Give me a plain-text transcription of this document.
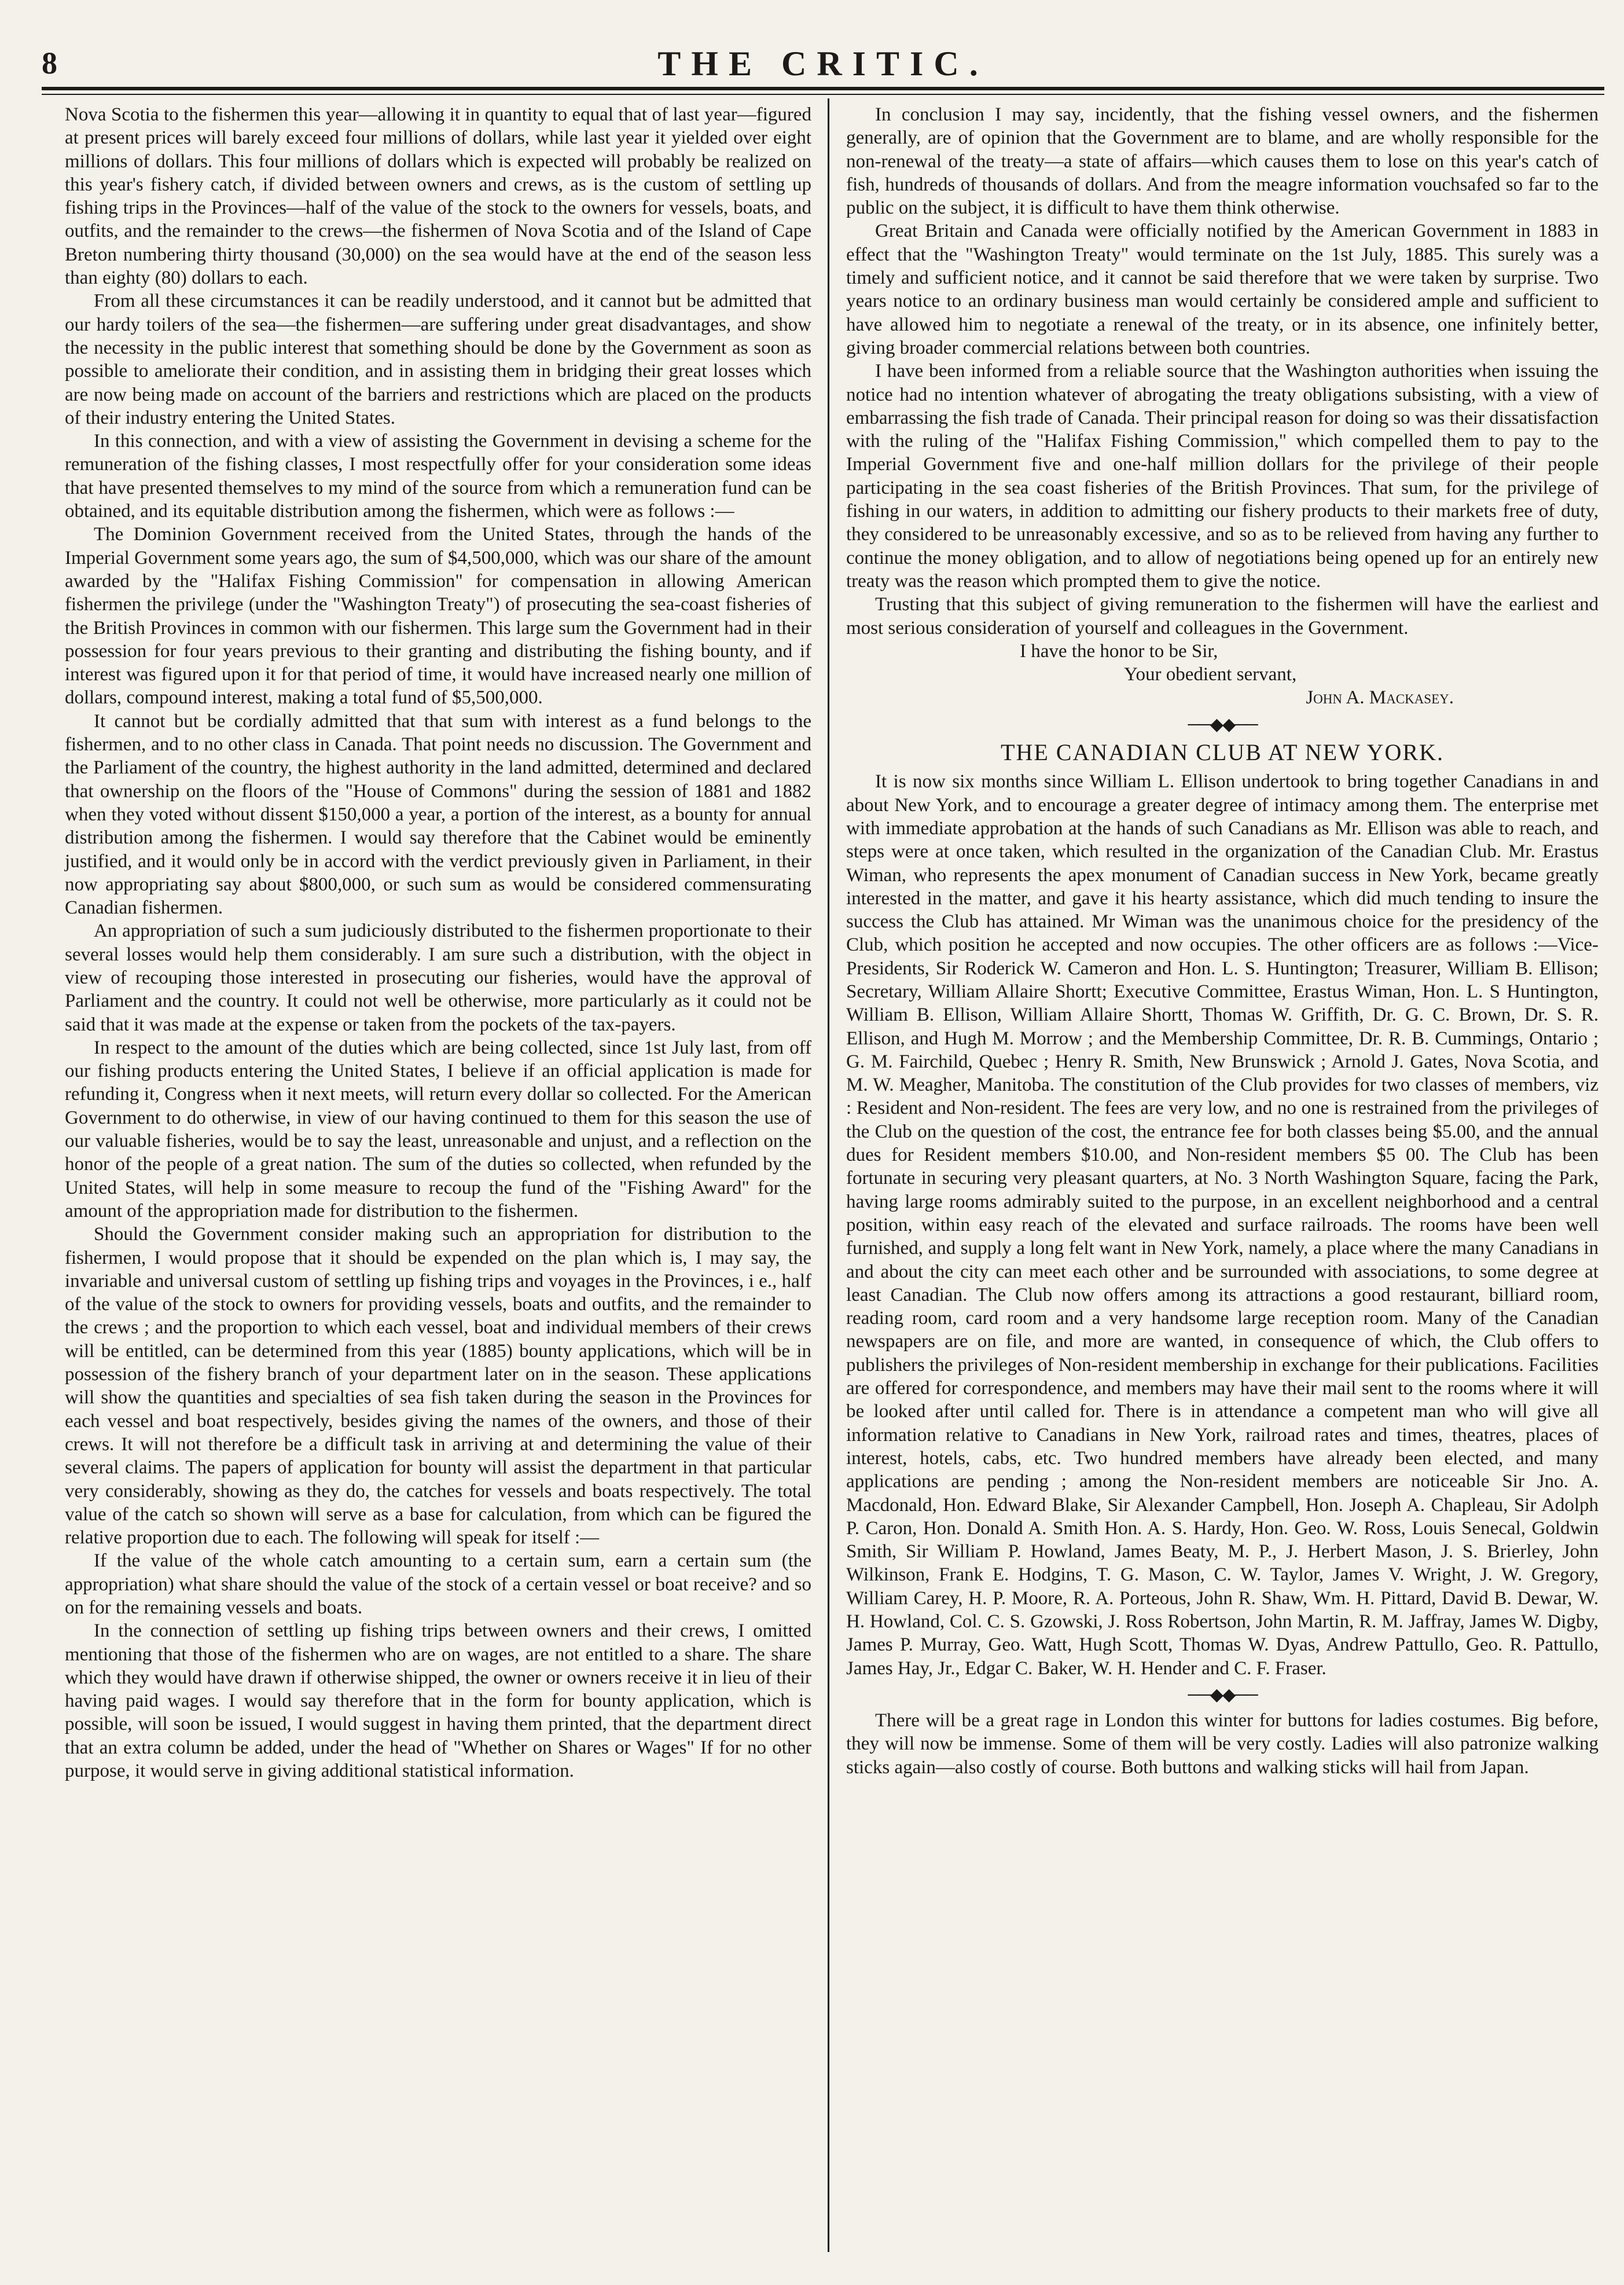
8	THE CRITIC.

Nova Scotia to the fishermen this year—allowing it in quantity to equal that of last year—figured at present prices will barely exceed four millions of dollars, while last year it yielded over eight millions of dollars. This four millions of dollars which is expected will probably be realized on this year's fishery catch, if divided between owners and crews, as is the custom of settling up fishing trips in the Provinces—half of the value of the stock to the owners for vessels, boats, and outfits, and the remainder to the crews—the fishermen of Nova Scotia and of the Island of Cape Breton numbering thirty thousand (30,000) on the sea would have at the end of the season less than eighty (80) dollars to each.

From all these circumstances it can be readily understood, and it cannot but be admitted that our hardy toilers of the sea—the fishermen—are suffering under great disadvantages, and show the necessity in the public interest that something should be done by the Government as soon as possible to ameliorate their condition, and in assisting them in bridging their great losses which are now being made on account of the barriers and restrictions which are placed on the products of their industry entering the United States.

In this connection, and with a view of assisting the Government in devising a scheme for the remuneration of the fishing classes, I most respectfully offer for your consideration some ideas that have presented themselves to my mind of the source from which a remuneration fund can be obtained, and its equitable distribution among the fishermen, which were as follows :—

The Dominion Government received from the United States, through the hands of the Imperial Government some years ago, the sum of $4,500,000, which was our share of the amount awarded by the "Halifax Fishing Commission" for compensation in allowing American fishermen the privilege (under the "Washington Treaty") of prosecuting the sea-coast fisheries of the British Provinces in common with our fishermen. This large sum the Government had in their possession for four years previous to their granting and distributing the fishing bounty, and if interest was figured upon it for that period of time, it would have increased nearly one million of dollars, compound interest, making a total fund of $5,500,000.

It cannot but be cordially admitted that that sum with interest as a fund belongs to the fishermen, and to no other class in Canada. That point needs no discussion. The Government and the Parliament of the country, the highest authority in the land admitted, determined and declared that ownership on the floors of the "House of Commons" during the session of 1881 and 1882 when they voted without dissent $150,000 a year, a portion of the interest, as a bounty for annual distribution among the fishermen. I would say therefore that the Cabinet would be eminently justified, and it would only be in accord with the verdict previously given in Parliament, in their now appropriating say about $800,000, or such sum as would be considered commensurating Canadian fishermen.

An appropriation of such a sum judiciously distributed to the fishermen proportionate to their several losses would help them considerably. I am sure such a distribution, with the object in view of recouping those interested in prosecuting our fisheries, would have the approval of Parliament and the country. It could not well be otherwise, more particularly as it could not be said that it was made at the expense or taken from the pockets of the tax-payers.

In respect to the amount of the duties which are being collected, since 1st July last, from off our fishing products entering the United States, I believe if an official application is made for refunding it, Congress when it next meets, will return every dollar so collected. For the American Government to do otherwise, in view of our having continued to them for this season the use of our valuable fisheries, would be to say the least, unreasonable and unjust, and a reflection on the honor of the people of a great nation. The sum of the duties so collected, when refunded by the United States, will help in some measure to recoup the fund of the "Fishing Award" for the amount of the appropriation made for distribution to the fishermen.

Should the Government consider making such an appropriation for distribution to the fishermen, I would propose that it should be expended on the plan which is, I may say, the invariable and universal custom of settling up fishing trips and voyages in the Provinces, i e., half of the value of the stock to owners for providing vessels, boats and outfits, and the remainder to the crews ; and the proportion to which each vessel, boat and individual members of their crews will be entitled, can be determined from this year (1885) bounty applications, which will be in possession of the fishery branch of your department later on in the season. These applications will show the quantities and specialties of sea fish taken during the season in the Provinces for each vessel and boat respectively, besides giving the names of the owners, and those of their crews. It will not therefore be a difficult task in arriving at and determining the value of their several claims. The papers of application for bounty will assist the department in that particular very considerably, showing as they do, the catches for vessels and boats respectively. The total value of the catch so shown will serve as a base for calculation, from which can be figured the relative proportion due to each. The following will speak for itself :—

If the value of the whole catch amounting to a certain sum, earn a certain sum (the appropriation) what share should the value of the stock of a certain vessel or boat receive? and so on for the remaining vessels and boats.

In the connection of settling up fishing trips between owners and their crews, I omitted mentioning that those of the fishermen who are on wages, are not entitled to a share. The share which they would have drawn if otherwise shipped, the owner or owners receive it in lieu of their having paid wages. I would say therefore that in the form for bounty application, which is possible, will soon be issued, I would suggest in having them printed, that the department direct that an extra column be added, under the head of "Whether on Shares or Wages" If for no other purpose, it would serve in giving additional statistical information.

In conclusion I may say, incidently, that the fishing vessel owners, and the fishermen generally, are of opinion that the Government are to blame, and are wholly responsible for the non-renewal of the treaty—a state of affairs—which causes them to lose on this year's catch of fish, hundreds of thousands of dollars. And from the meagre information vouchsafed so far to the public on the subject, it is difficult to have them think otherwise.

Great Britain and Canada were officially notified by the American Government in 1883 in effect that the "Washington Treaty" would terminate on the 1st July, 1885. This surely was a timely and sufficient notice, and it cannot be said therefore that we were taken by surprise. Two years notice to an ordinary business man would certainly be considered ample and sufficient to have allowed him to negotiate a renewal of the treaty, or in its absence, one infinitely better, giving broader commercial relations between both countries.

I have been informed from a reliable source that the Washington authorities when issuing the notice had no intention whatever of abrogating the treaty obligations subsisting, with a view of embarrassing the fish trade of Canada. Their principal reason for doing so was their dissatisfaction with the ruling of the "Halifax Fishing Commission," which compelled them to pay to the Imperial Government five and one-half million dollars for the privilege of their people participating in the sea coast fisheries of the British Provinces. That sum, for the privilege of fishing in our waters, in addition to admitting our fishery products to their markets free of duty, they considered to be unreasonably excessive, and so as to be relieved from having any further to continue the money obligation, and to allow of negotiations being opened up for an entirely new treaty was the reason which prompted them to give the notice.

Trusting that this subject of giving remuneration to the fishermen will have the earliest and most serious consideration of yourself and colleagues in the Government.

I have the honor to be Sir,
Your obedient servant,
John A. Mackasey.
──◆◆──
THE CANADIAN CLUB AT NEW YORK.

It is now six months since William L. Ellison undertook to bring together Canadians in and about New York, and to encourage a greater degree of intimacy among them. The enterprise met with immediate approbation at the hands of such Canadians as Mr. Ellison was able to reach, and steps were at once taken, which resulted in the organization of the Canadian Club. Mr. Erastus Wiman, who represents the apex monument of Canadian success in New York, became greatly interested in the matter, and gave it his hearty assistance, which did much tending to insure the success the Club has attained. Mr Wiman was the unanimous choice for the presidency of the Club, which position he accepted and now occupies. The other officers are as follows :—Vice-Presidents, Sir Roderick W. Cameron and Hon. L. S. Huntington; Treasurer, William B. Ellison; Secretary, William Allaire Shortt; Executive Committee, Erastus Wiman, Hon. L. S Huntington, William B. Ellison, William Allaire Shortt, Thomas W. Griffith, Dr. G. C. Brown, Dr. S. R. Ellison, and Hugh M. Morrow ; and the Membership Committee, Dr. R. B. Cummings, Ontario ; G. M. Fairchild, Quebec ; Henry R. Smith, New Brunswick ; Arnold J. Gates, Nova Scotia, and M. W. Meagher, Manitoba. The constitution of the Club provides for two classes of members, viz : Resident and Non-resident. The fees are very low, and no one is restrained from the privileges of the Club on the question of the cost, the entrance fee for both classes being $5.00, and the annual dues for Resident members $10.00, and Non-resident members $5 00. The Club has been fortunate in securing very pleasant quarters, at No. 3 North Washington Square, facing the Park, having large rooms admirably suited to the purpose, in an excellent neighborhood and a central position, within easy reach of the elevated and surface railroads. The rooms have been well furnished, and supply a long felt want in New York, namely, a place where the many Canadians in and about the city can meet each other and be surrounded with associations, to some degree at least Canadian. The Club now offers among its attractions a good restaurant, billiard room, reading room, card room and a very handsome large reception room. Many of the Canadian newspapers are on file, and more are wanted, in consequence of which, the Club offers to publishers the privileges of Non-resident membership in exchange for their publications. Facilities are offered for correspondence, and members may have their mail sent to the rooms where it will be looked after until called for. There is in attendance a competent man who will give all information relative to Canadians in New York, railroad rates and times, theatres, places of interest, hotels, cabs, etc. Two hundred members have already been elected, and many applications are pending ; among the Non-resident members are noticeable Sir Jno. A. Macdonald, Hon. Edward Blake, Sir Alexander Campbell, Hon. Joseph A. Chapleau, Sir Adolph P. Caron, Hon. Donald A. Smith Hon. A. S. Hardy, Hon. Geo. W. Ross, Louis Senecal, Goldwin Smith, Sir William P. Howland, James Beaty, M. P., J. Herbert Mason, J. S. Brierley, John Wilkinson, Frank E. Hodgins, T. G. Mason, C. W. Taylor, James V. Wright, J. W. Gregory, William Carey, H. P. Moore, R. A. Porteous, John R. Shaw, Wm. H. Pittard, David B. Dewar, W. H. Howland, Col. C. S. Gzowski, J. Ross Robertson, John Martin, R. M. Jaffray, James W. Digby, James P. Murray, Geo. Watt, Hugh Scott, Thomas W. Dyas, Andrew Pattullo, Geo. R. Pattullo, James Hay, Jr., Edgar C. Baker, W. H. Hender and C. F. Fraser.

──◆◆──

There will be a great rage in London this winter for buttons for ladies costumes. Big before, they will now be immense. Some of them will be very costly. Ladies will also patronize walking sticks again—also costly of course. Both buttons and walking sticks will hail from Japan.
